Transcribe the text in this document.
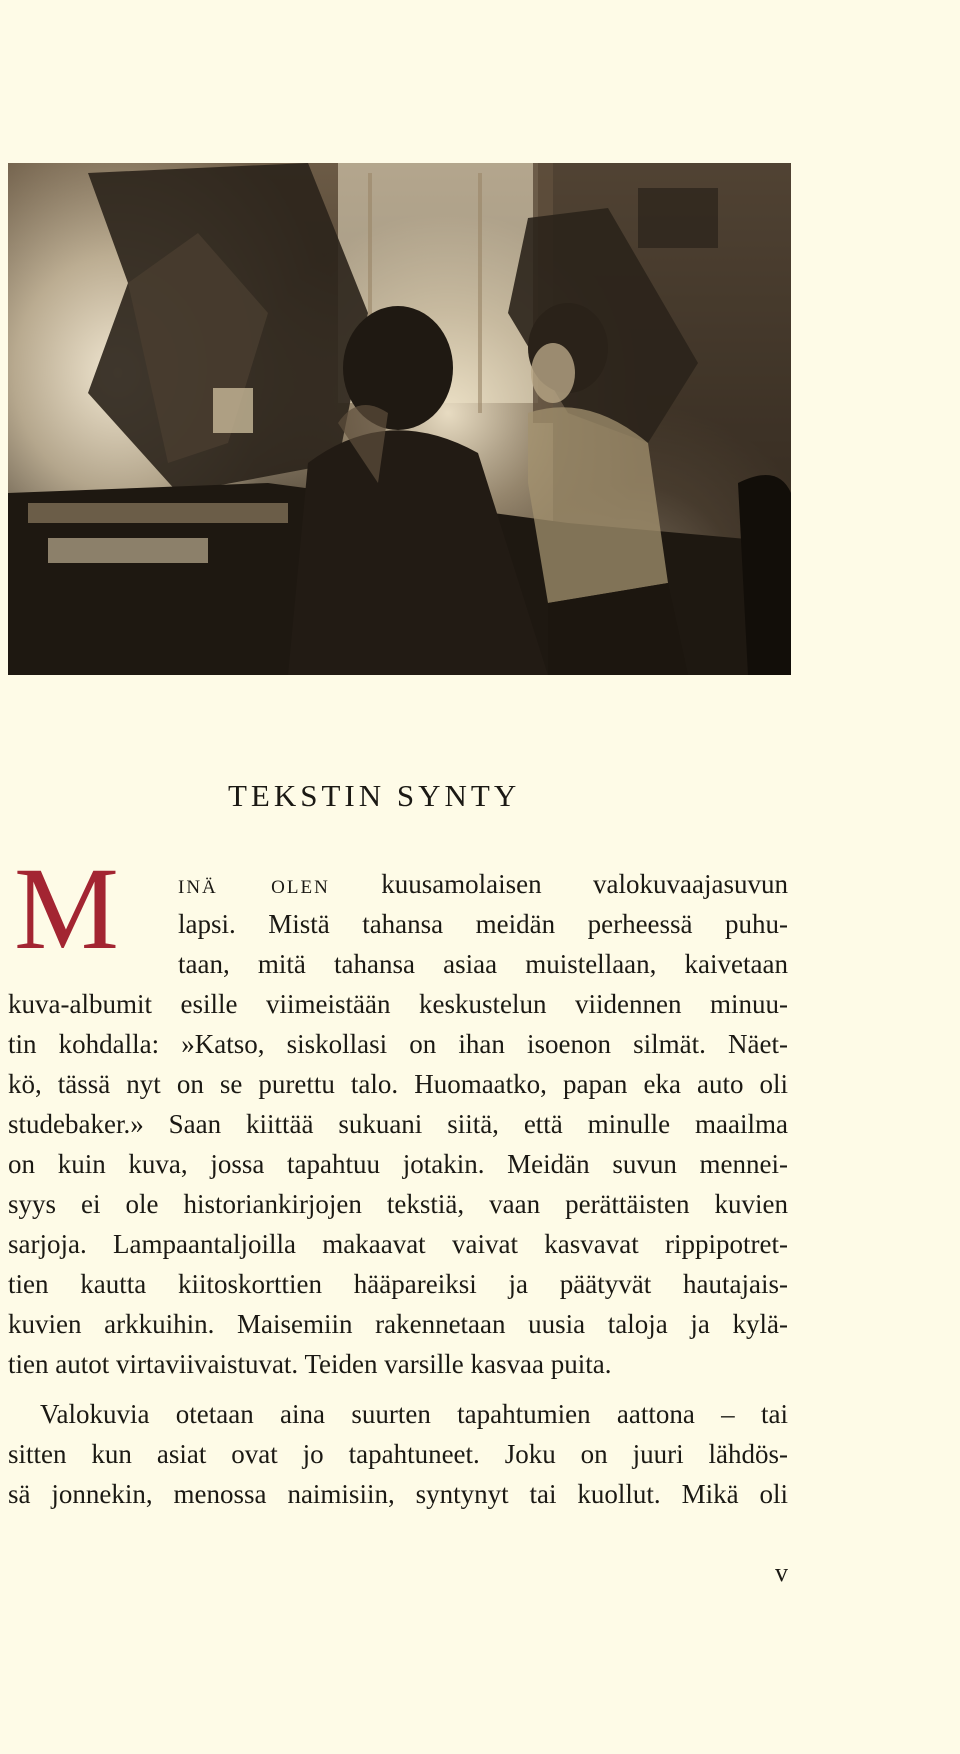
TEKSTIN SYNTY
M inä olen kuusamolaisen valokuvaajasuvun

lapsi. Mistä tahansa meidän perheessä puhu-

taan, mitä tahansa asiaa muistellaan, kaivetaan

kuva-albumit esille viimeistään keskustelun viidennen minuu-

tin kohdalla: »Katso, siskollasi on ihan isoenon silmät. Näet-

kö, tässä nyt on se purettu talo. Huomaatko, papan eka auto oli

studebaker.» Saan kiittää sukuani siitä, että minulle maailma

on kuin kuva, jossa tapahtuu jotakin. Meidän suvun mennei-

syys ei ole historiankirjojen tekstiä, vaan perättäisten kuvien

sarjoja. Lampaantaljoilla makaavat vaivat kasvavat rippipotret-

tien kautta kiitoskorttien hääpareiksi ja päätyvät hautajais-

kuvien arkkuihin. Maisemiin rakennetaan uusia taloja ja kylä-

tien autot virtaviivaistuvat. Teiden varsille kasvaa puita.

Valokuvia otetaan aina suurten tapahtumien aattona – tai

sitten kun asiat ovat jo tapahtuneet. Joku on juuri lähdös-

sä jonnekin, menossa naimisiin, syntynyt tai kuollut. Mikä oli

v
